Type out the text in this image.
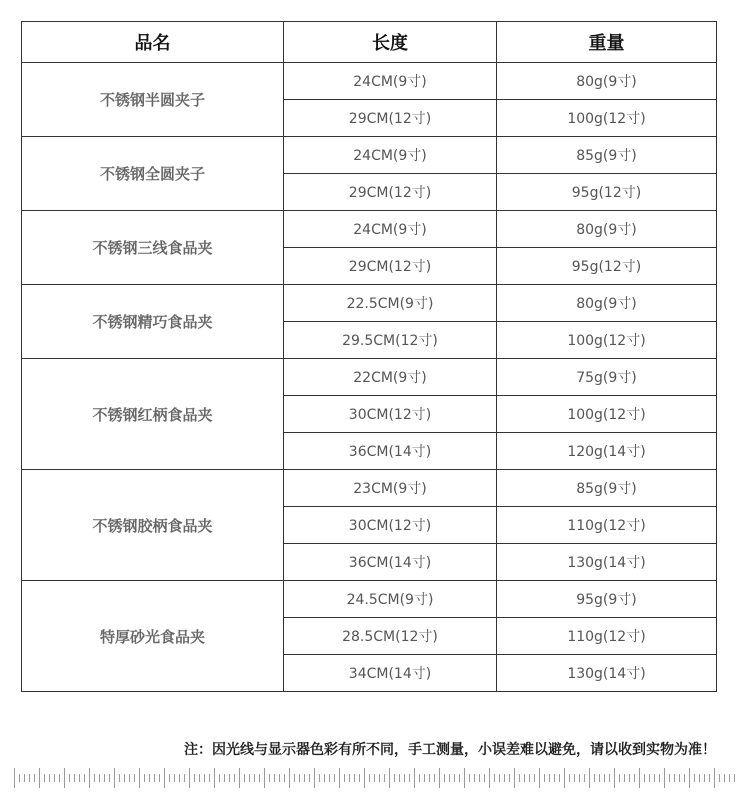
品名	长度	重量
不锈钢半圆夹子	24CM(9寸)	80g(9寸)
	29CM(12寸)	100g(12寸)
不锈钢全圆夹子	24CM(9寸)	85g(9寸)
	29CM(12寸)	95g(12寸)
不锈钢三线食品夹	24CM(9寸)	80g(9寸)
	29CM(12寸)	95g(12寸)
不锈钢精巧食品夹	22.5CM(9寸)	80g(9寸)
	29.5CM(12寸)	100g(12寸)
不锈钢红柄食品夹	22CM(9寸)	75g(9寸)
	30CM(12寸)	100g(12寸)
	36CM(14寸)	120g(14寸)
不锈钢胶柄食品夹	23CM(9寸)	85g(9寸)
	30CM(12寸)	110g(12寸)
	36CM(14寸)	130g(14寸)
特厚砂光食品夹	24.5CM(9寸)	95g(9寸)
	28.5CM(12寸)	110g(12寸)
	34CM(14寸)	130g(14寸)
注：因光线与显示器色彩有所不同，手工测量，小误差难以避免，请以收到实物为准！
